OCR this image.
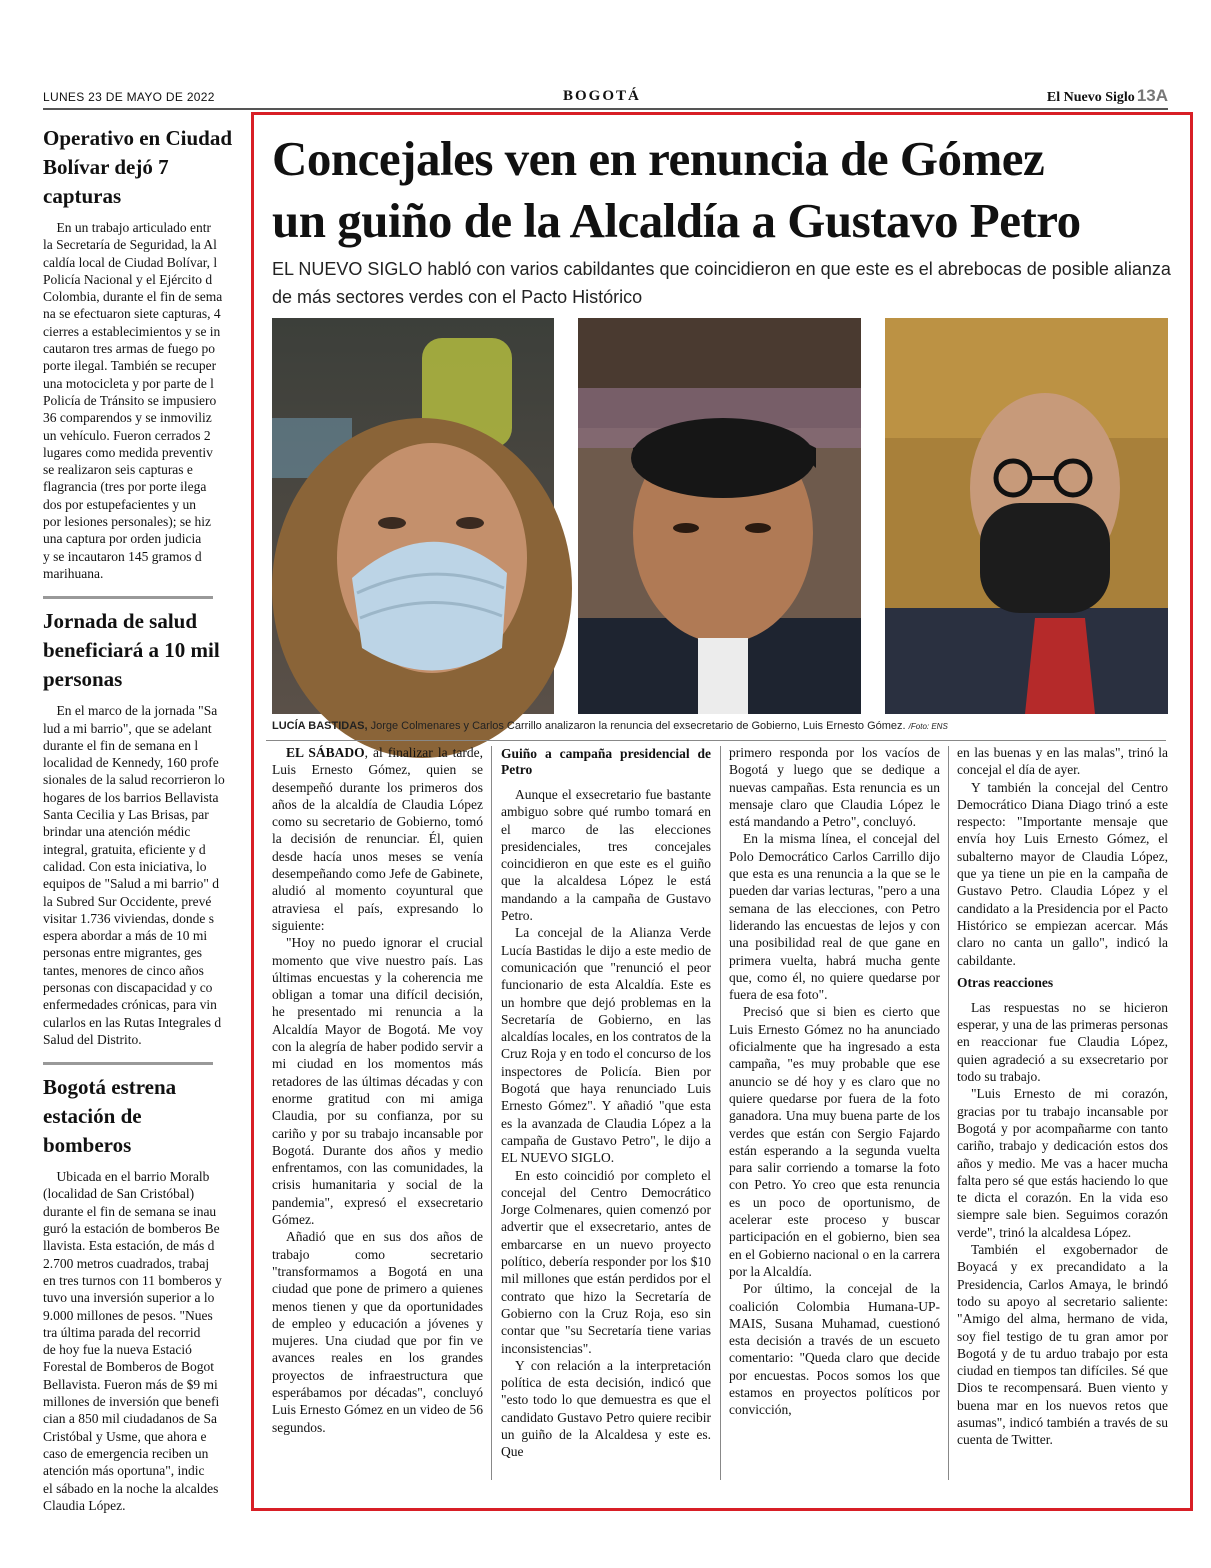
LUNES 23 DE MAYO DE 2022	BOGOTÁ	El Nuevo Siglo 13A
Operativo en Ciudad
Bolívar dejó 7
capturas
En un trabajo articulado entr
la Secretaría de Seguridad, la Al
caldía local de Ciudad Bolívar, l
Policía Nacional y el Ejército d
Colombia, durante el fin de sema
na se efectuaron siete capturas, 4
cierres a establecimientos y se in
cautaron tres armas de fuego po
porte ilegal. También se recuper
una motocicleta y por parte de l
Policía de Tránsito se impusiero
36 comparendos y se inmoviliz
un vehículo. Fueron cerrados 2
lugares como medida preventiv
se realizaron seis capturas e
flagrancia (tres por porte ilega
dos por estupefacientes y un
por lesiones personales); se hiz
una captura por orden judicia
y se incautaron 145 gramos d
marihuana.
Jornada de salud
beneficiará a 10 mil
personas
En el marco de la jornada "Sa
lud a mi barrio", que se adelant
durante el fin de semana en l
localidad de Kennedy, 160 profe
sionales de la salud recorrieron lo
hogares de los barrios Bellavista
Santa Cecilia y Las Brisas, par
brindar una atención médic
integral, gratuita, eficiente y d
calidad. Con esta iniciativa, lo
equipos de "Salud a mi barrio" d
la Subred Sur Occidente, prevé
visitar 1.736 viviendas, donde s
espera abordar a más de 10 mi
personas entre migrantes, ges
tantes, menores de cinco años
personas con discapacidad y co
enfermedades crónicas, para vin
cularlos en las Rutas Integrales d
Salud del Distrito.
Bogotá estrena
estación de
bomberos
Ubicada en el barrio Moralb
(localidad de San Cristóbal)
durante el fin de semana se inau
guró la estación de bomberos Be
llavista. Esta estación, de más d
2.700 metros cuadrados, trabaj
en tres turnos con 11 bomberos y
tuvo una inversión superior a lo
9.000 millones de pesos. "Nues
tra última parada del recorrid
de hoy fue la nueva Estació
Forestal de Bomberos de Bogot
Bellavista. Fueron más de $9 mi
millones de inversión que benefi
cian a 850 mil ciudadanos de Sa
Cristóbal y Usme, que ahora e
caso de emergencia reciben un
atención más oportuna", indic
el sábado en la noche la alcaldes
Claudia López.
Concejales ven en renuncia de Gómez
un guiño de la Alcaldía a Gustavo Petro

EL NUEVO SIGLO habló con varios cabildantes que coincidieron en que este es el abrebocas de posible alianza de más sectores verdes con el Pacto Histórico

LUCÍA BASTIDAS, Jorge Colmenares y Carlos Carrillo analizaron la renuncia del exsecretario de Gobierno, Luis Ernesto Gómez. /Foto: ENS

EL SÁBADO, al finalizar la tarde, Luis Ernesto Gómez, quien se desempeñó durante los primeros dos años de la alcaldía de Claudia López como su secretario de Gobierno, tomó la decisión de renunciar. Él, quien desde hacía unos meses se venía desempeñando como Jefe de Gabinete, aludió al momento coyuntural que atraviesa el país, expresando lo siguiente:

"Hoy no puedo ignorar el crucial momento que vive nuestro país. Las últimas encuestas y la coherencia me obligan a tomar una difícil decisión, he presentado mi renuncia a la Alcaldía Mayor de Bogotá. Me voy con la alegría de haber podido servir a mi ciudad en los momentos más retadores de las últimas décadas y con enorme gratitud con mi amiga Claudia, por su confianza, por su cariño y por su trabajo incansable por Bogotá. Durante dos años y medio enfrentamos, con las comunidades, la crisis humanitaria y social de la pandemia", expresó el exsecretario Gómez.

Añadió que en sus dos años de trabajo como secretario "transformamos a Bogotá en una ciudad que pone de primero a quienes menos tienen y que da oportunidades de empleo y educación a jóvenes y mujeres. Una ciudad que por fin ve avances reales en los grandes proyectos de infraestructura que esperábamos por décadas", concluyó Luis Ernesto Gómez en un video de 56 segundos.

Guiño a campaña presidencial de Petro

Aunque el exsecretario fue bastante ambiguo sobre qué rumbo tomará en el marco de las elecciones presidenciales, tres concejales coincidieron en que este es el guiño que la alcaldesa López le está mandando a la campaña de Gustavo Petro.

La concejal de la Alianza Verde Lucía Bastidas le dijo a este medio de comunicación que "renunció el peor funcionario de esta Alcaldía. Este es un hombre que dejó problemas en la Secretaría de Gobierno, en las alcaldías locales, en los contratos de la Cruz Roja y en todo el concurso de los inspectores de Policía. Bien por Bogotá que haya renunciado Luis Ernesto Gómez". Y añadió "que esta es la avanzada de Claudia López a la campaña de Gustavo Petro", le dijo a EL NUEVO SIGLO.

En esto coincidió por completo el concejal del Centro Democrático Jorge Colmenares, quien comenzó por advertir que el exsecretario, antes de embarcarse en un nuevo proyecto político, debería responder por los $10 mil millones que están perdidos por el contrato que hizo la Secretaría de Gobierno con la Cruz Roja, eso sin contar que "su Secretaría tiene varias inconsistencias".

Y con relación a la interpretación política de esta decisión, indicó que "esto todo lo que demuestra es que el candidato Gustavo Petro quiere recibir un guiño de la Alcaldesa y este es. Que

primero responda por los vacíos de Bogotá y luego que se dedique a nuevas campañas. Esta renuncia es un mensaje claro que Claudia López le está mandando a Petro", concluyó.

En la misma línea, el concejal del Polo Democrático Carlos Carrillo dijo que esta es una renuncia a la que se le pueden dar varias lecturas, "pero a una semana de las elecciones, con Petro liderando las encuestas de lejos y con una posibilidad real de que gane en primera vuelta, habrá mucha gente que, como él, no quiere quedarse por fuera de esa foto".

Precisó que si bien es cierto que Luis Ernesto Gómez no ha anunciado oficialmente que ha ingresado a esta campaña, "es muy probable que ese anuncio se dé hoy y es claro que no quiere quedarse por fuera de la foto ganadora. Una muy buena parte de los verdes que están con Sergio Fajardo están esperando a la segunda vuelta para salir corriendo a tomarse la foto con Petro. Yo creo que esta renuncia es un poco de oportunismo, de acelerar este proceso y buscar participación en el gobierno, bien sea en el Gobierno nacional o en la carrera por la Alcaldía.

Por último, la concejal de la coalición Colombia Humana-UP-MAIS, Susana Muhamad, cuestionó esta decisión a través de un escueto comentario: "Queda claro que decide por encuestas. Pocos somos los que estamos en proyectos políticos por convicción,

en las buenas y en las malas", trinó la concejal el día de ayer.

Y también la concejal del Centro Democrático Diana Diago trinó a este respecto: "Importante mensaje que envía hoy Luis Ernesto Gómez, el subalterno mayor de Claudia López, que ya tiene un pie en la campaña de Gustavo Petro. Claudia López y el candidato a la Presidencia por el Pacto Histórico se empiezan acercar. Más claro no canta un gallo", indicó la cabildante.

Otras reacciones

Las respuestas no se hicieron esperar, y una de las primeras personas en reaccionar fue Claudia López, quien agradeció a su exsecretario por todo su trabajo.

"Luis Ernesto de mi corazón, gracias por tu trabajo incansable por Bogotá y por acompañarme con tanto cariño, trabajo y dedicación estos dos años y medio. Me vas a hacer mucha falta pero sé que estás haciendo lo que te dicta el corazón. En la vida eso siempre sale bien. Seguimos corazón verde", trinó la alcaldesa López.

También el exgobernador de Boyacá y ex precandidato a la Presidencia, Carlos Amaya, le brindó todo su apoyo al secretario saliente: "Amigo del alma, hermano de vida, soy fiel testigo de tu gran amor por Bogotá y de tu arduo trabajo por esta ciudad en tiempos tan difíciles. Sé que Dios te recompensará. Buen viento y buena mar en los nuevos retos que asumas", indicó también a través de su cuenta de Twitter.
